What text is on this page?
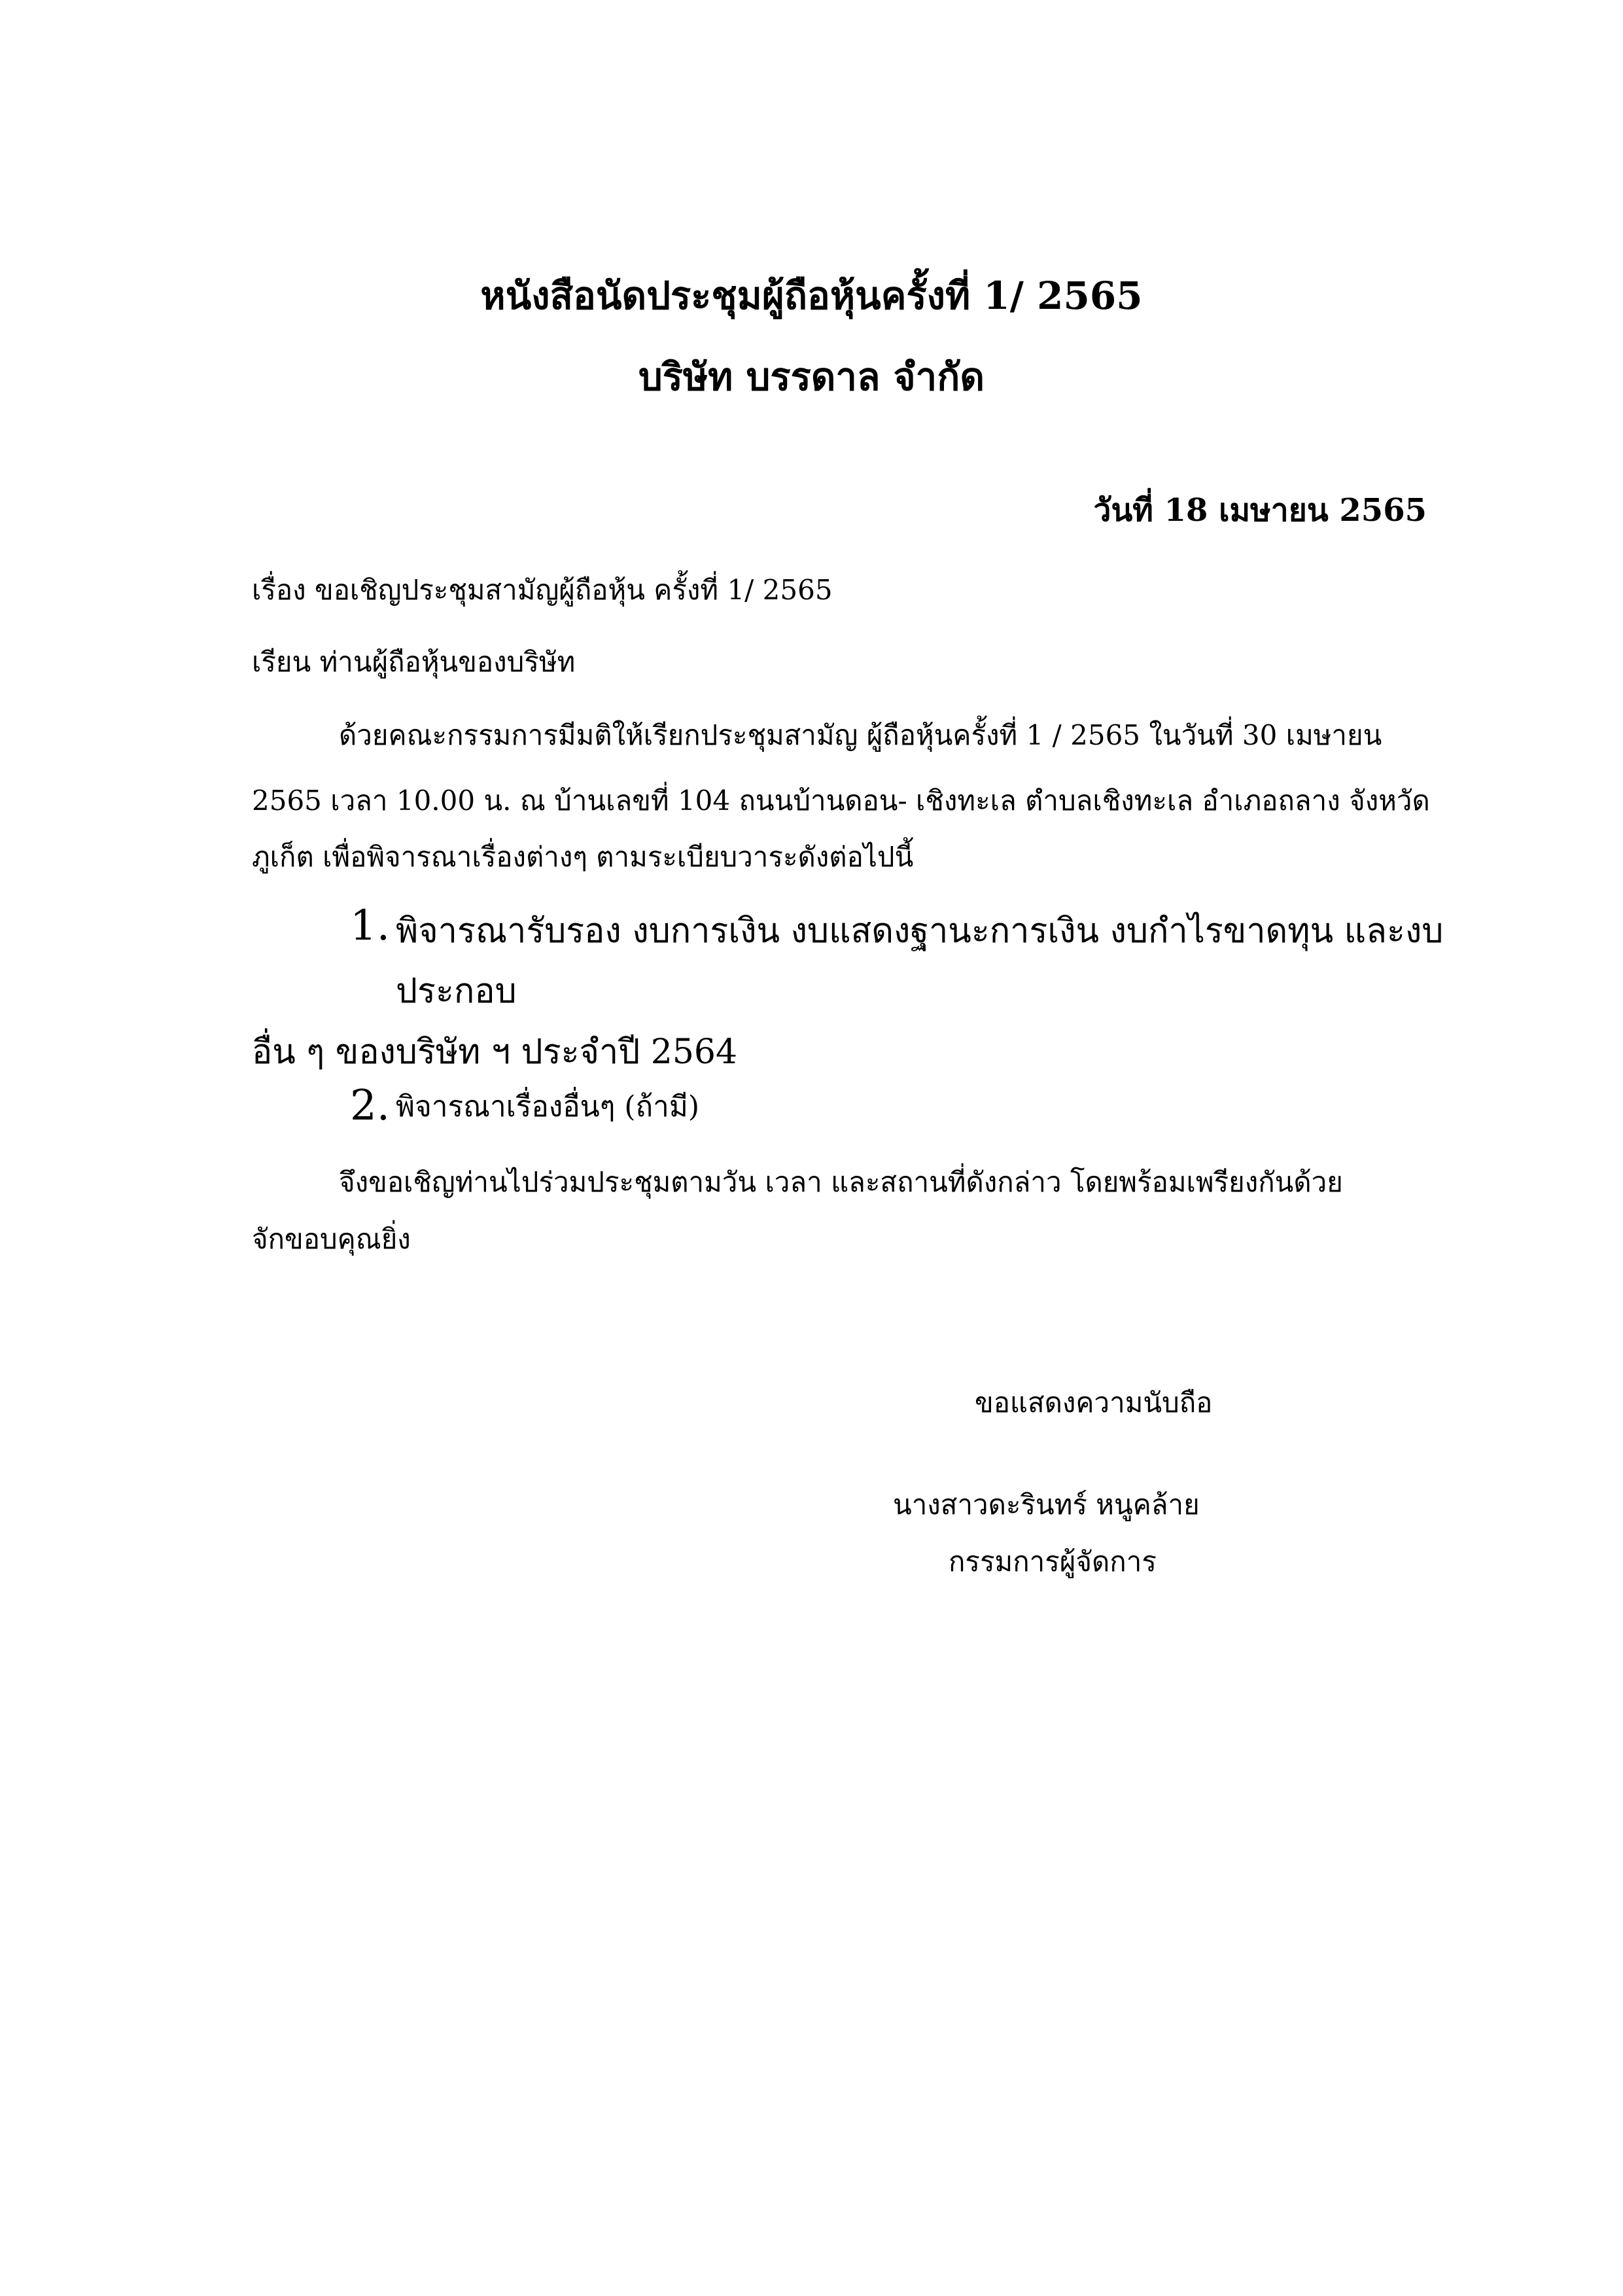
หนังสือนัดประชุมผู้ถือหุ้นครั้งที่ 1/ 2565
บริษัท บรรดาล จำกัด
วันที่ 18 เมษายน 2565
เรื่อง ขอเชิญประชุมสามัญผู้ถือหุ้น ครั้งที่ 1/ 2565
เรียน ท่านผู้ถือหุ้นของบริษัท
ด้วยคณะกรรมการมีมติให้เรียกประชุมสามัญ ผู้ถือหุ้นครั้งที่ 1 / 2565 ในวันที่ 30 เมษายน
2565 เวลา 10.00 น. ณ บ้านเลขที่ 104 ถนนบ้านดอน- เชิงทะเล ตำบลเชิงทะเล อำเภอถลาง จังหวัด
ภูเก็ต เพื่อพิจารณาเรื่องต่างๆ ตามระเบียบวาระดังต่อไปนี้
1. พิจารณารับรอง งบการเงิน งบแสดงฐานะการเงิน งบกำไรขาดทุน และงบ
ประกอบ
อื่น ๆ ของบริษัท ฯ ประจำปี 2564
2. พิจารณาเรื่องอื่นๆ (ถ้ามี)
จึงขอเชิญท่านไปร่วมประชุมตามวัน เวลา และสถานที่ดังกล่าว โดยพร้อมเพรียงกันด้วย
จักขอบคุณยิ่ง
ขอแสดงความนับถือ
นางสาวดะรินทร์ หนูคล้าย
กรรมการผู้จัดการ
